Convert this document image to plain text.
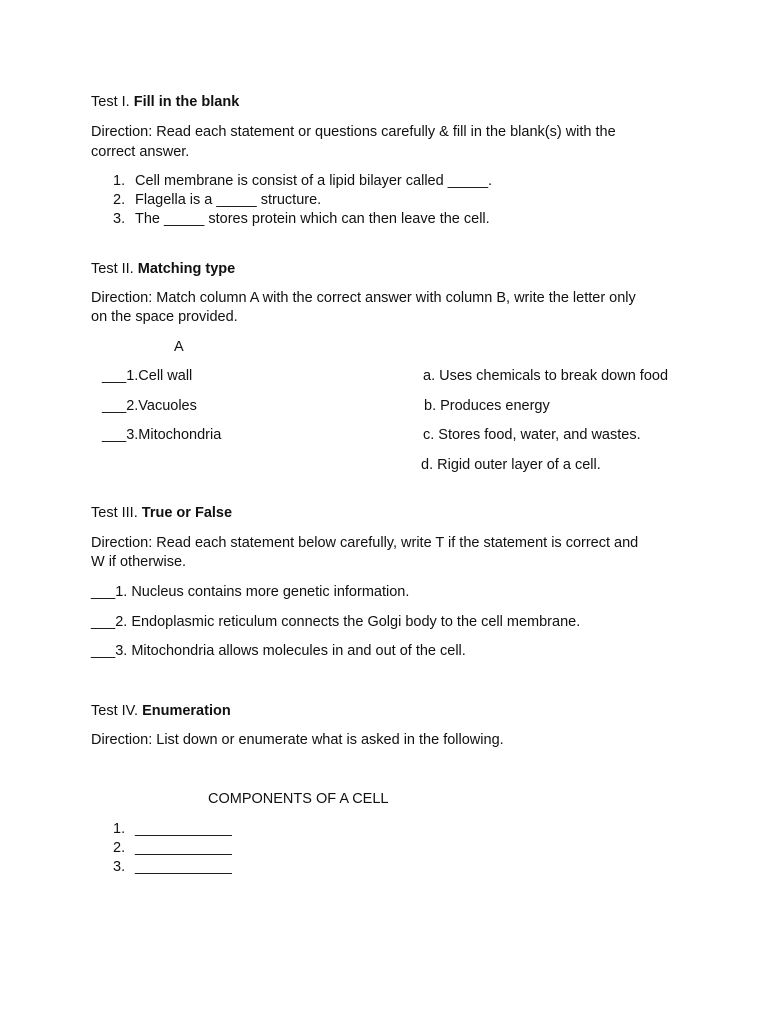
Test I. Fill in the blank
Direction: Read each statement or questions carefully & fill in the blank(s) with the
correct answer.
1. Cell membrane is consist of a lipid bilayer called _____.
2. Flagella is a _____ structure.
3. The _____ stores protein which can then leave the cell.
Test II. Matching type
Direction: Match column A with the correct answer with column B, write the letter only
on the space provided.
A
___1.Cell wall
___2.Vacuoles
___3.Mitochondria
a. Uses chemicals to break down food
b. Produces energy
c. Stores food, water, and wastes.
d. Rigid outer layer of a cell.
Test III. True or False
Direction: Read each statement below carefully, write T if the statement is correct and
W if otherwise.
___1. Nucleus contains more genetic information.
___2. Endoplasmic reticulum connects the Golgi body to the cell membrane.
___3. Mitochondria allows molecules in and out of the cell.
Test IV. Enumeration
Direction: List down or enumerate what is asked in the following.
COMPONENTS OF A CELL
1. ____________
2. ____________
3. ____________
